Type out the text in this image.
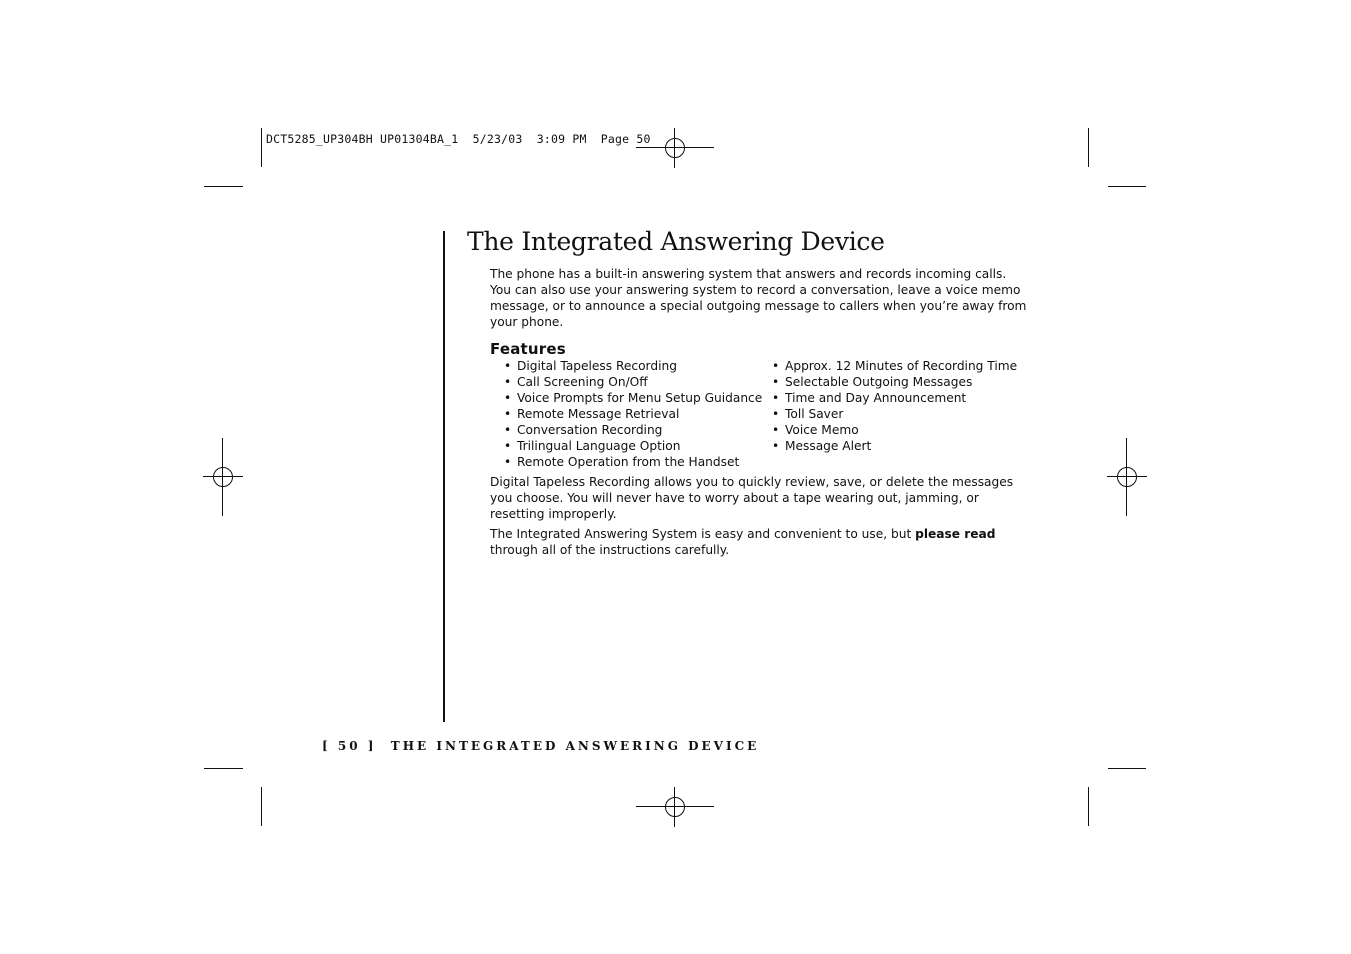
DCT5285_UP304BH UP01304BA_1  5/23/03  3:09 PM  Page 50
The Integrated Answering Device

The phone has a built-in answering system that answers and records incoming calls. You can also use your answering system to record a conversation, leave a voice memo message, or to announce a special outgoing message to callers when you’re away from your phone.

Features
• Digital Tapeless Recording
• Call Screening On/Off
• Voice Prompts for Menu Setup Guidance
• Remote Message Retrieval
• Conversation Recording
• Trilingual Language Option
• Remote Operation from the Handset
• Approx. 12 Minutes of Recording Time
• Selectable Outgoing Messages
• Time and Day Announcement
• Toll Saver
• Voice Memo
• Message Alert

Digital Tapeless Recording allows you to quickly review, save, or delete the messages you choose. You will never have to worry about a tape wearing out, jamming, or resetting improperly.

The Integrated Answering System is easy and convenient to use, but please read through all of the instructions carefully.

[ 50 ] THE INTEGRATED ANSWERING DEVICE
